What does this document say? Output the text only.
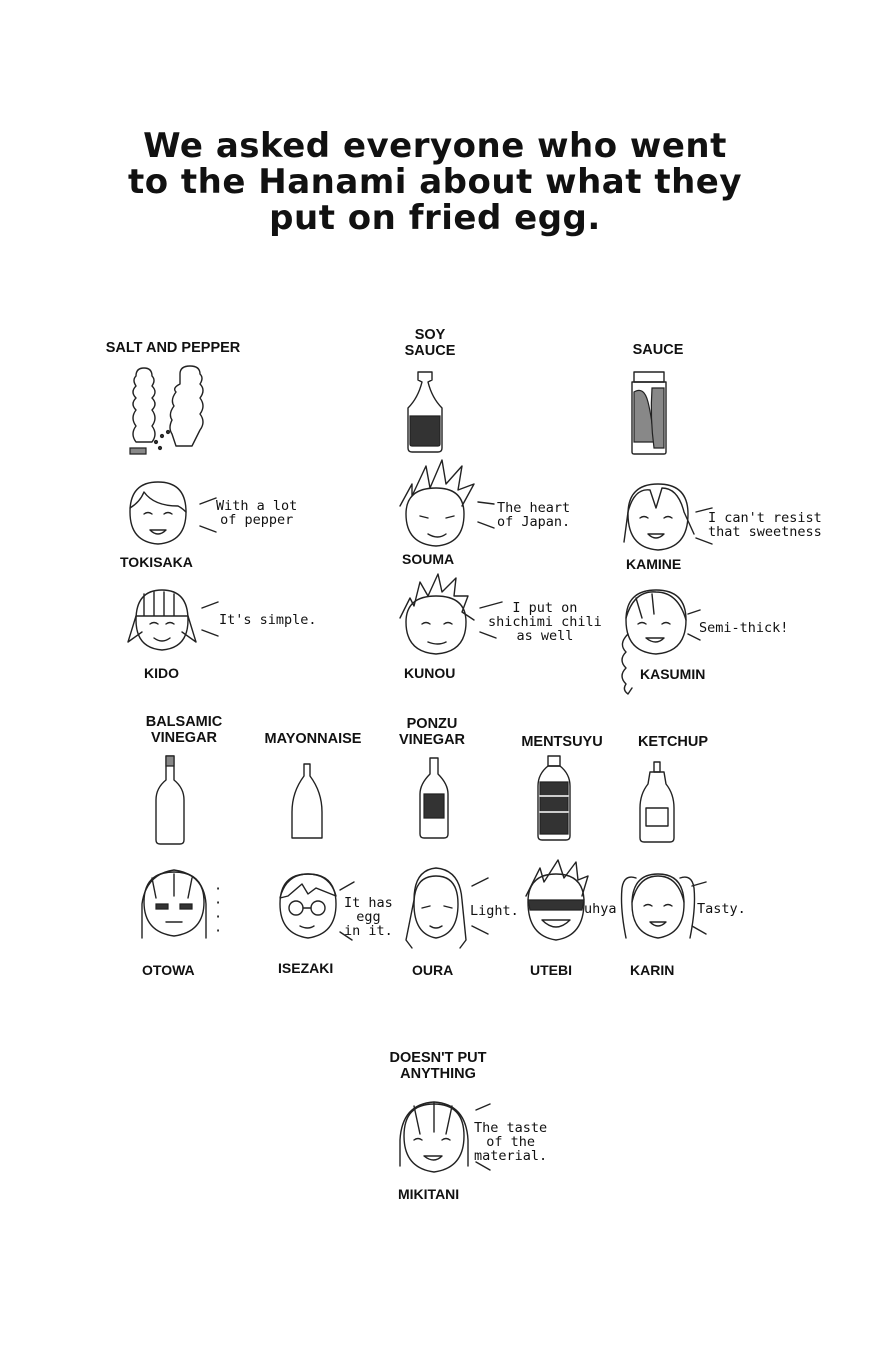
We asked everyone who went
to the Hanami about what they
put on fried egg.
SALT AND PEPPER
With a lot
of pepper
TOKISAKA
It's simple.
KIDO
SOY
SAUCE
The heart
of Japan.
SOUMA
I put on
shichimi chili
as well
KUNOU
SAUCE
I can't resist
that sweetness
KAMINE
Semi-thick!
KASUMIN
BALSAMIC
VINEGAR
·
·
·
·
OTOWA
MAYONNAISE
It has
egg
in it.
ISEZAKI
PONZU
VINEGAR
Light.
OURA
MENTSUYU
uhya
UTEBI
KETCHUP
Tasty.
KARIN
DOESN'T PUT
ANYTHING
The taste
of the
material.
MIKITANI
